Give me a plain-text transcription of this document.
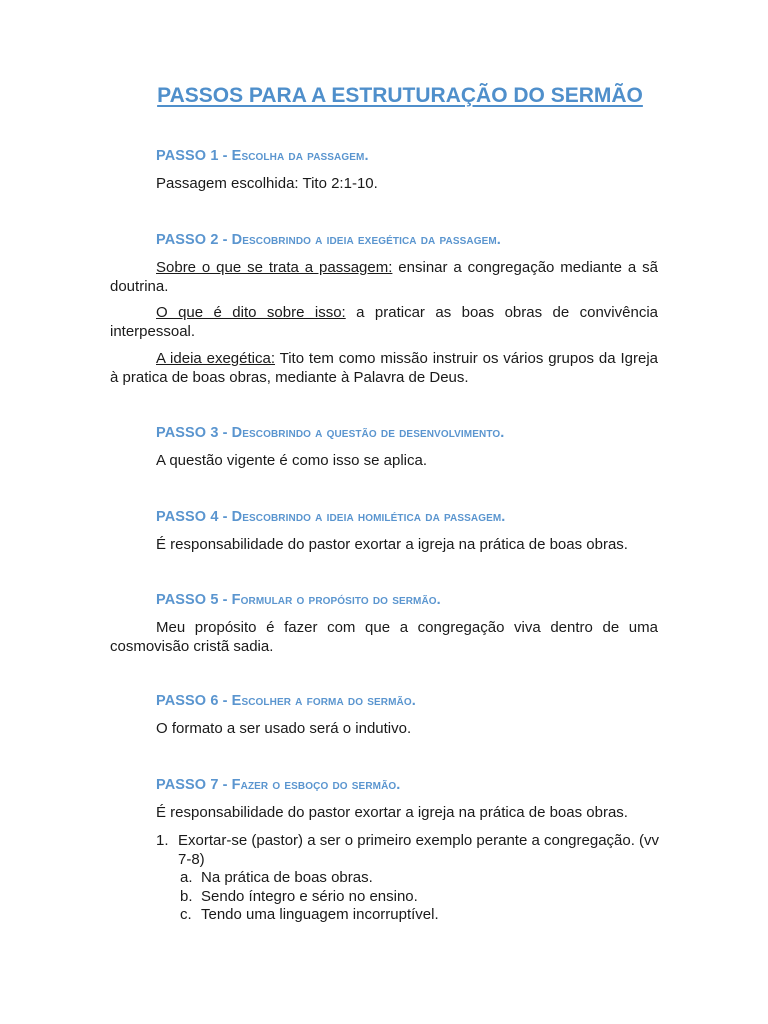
PASSOS PARA A ESTRUTURAÇÃO DO SERMÃO

PASSO 1 - Escolha da passagem.

Passagem escolhida: Tito 2:1-10.

PASSO 2 - Descobrindo a ideia exegética da passagem.

Sobre o que se trata a passagem: ensinar a congregação mediante a sã doutrina.

O que é dito sobre isso: a praticar as boas obras de convivência interpessoal.

A ideia exegética: Tito tem como missão instruir os vários grupos da Igreja à pratica de boas obras, mediante à Palavra de Deus.

PASSO 3 - Descobrindo a questão de desenvolvimento.

A questão vigente é como isso se aplica.

PASSO 4 - Descobrindo a ideia homilética da passagem.

É responsabilidade do pastor exortar a igreja na prática de boas obras.

PASSO 5 - Formular o propósito do sermão.

Meu propósito é fazer com que a congregação viva dentro de uma cosmovisão cristã sadia.

PASSO 6 - Escolher a forma do sermão.

O formato a ser usado será o indutivo.

PASSO 7 - Fazer o esboço do sermão.

É responsabilidade do pastor exortar a igreja na prática de boas obras.

1. Exortar-se (pastor) a ser o primeiro exemplo perante a congregação. (vv 7-8)
a. Na prática de boas obras.
b. Sendo íntegro e sério no ensino.
c. Tendo uma linguagem incorruptível.
